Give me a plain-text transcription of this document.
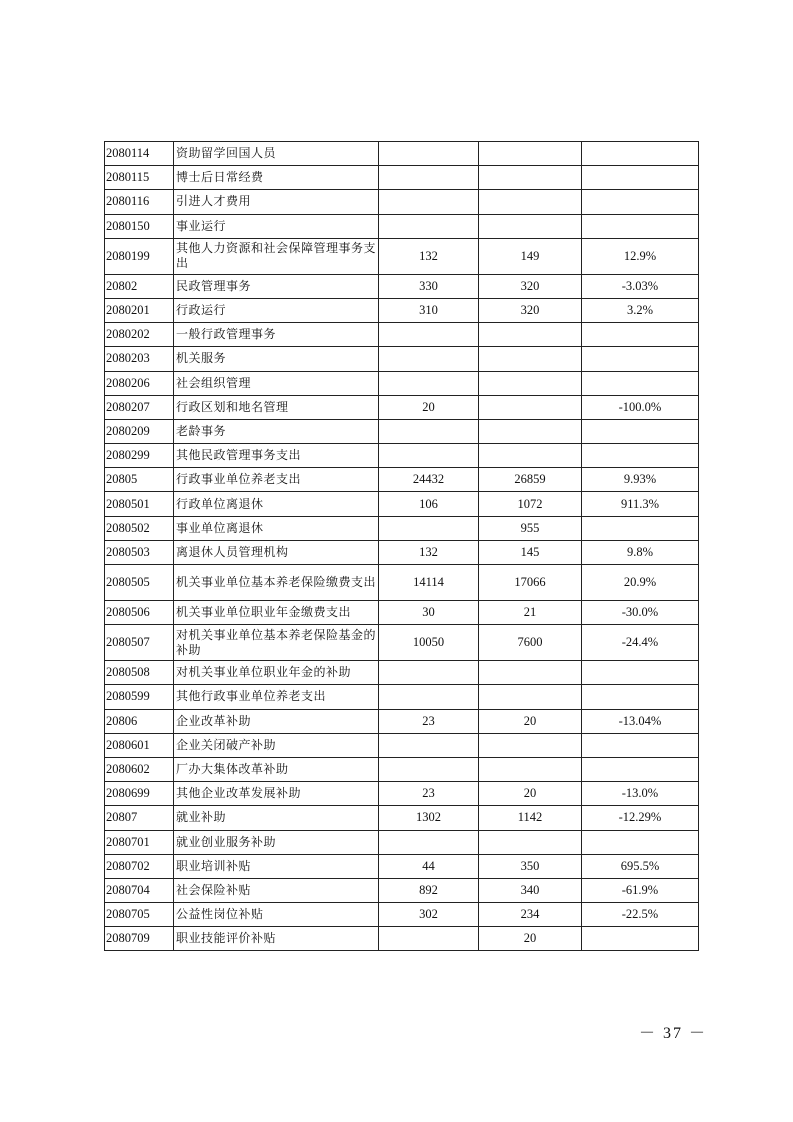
2080114	资助留学回国人员			
2080115	博士后日常经费			
2080116	引进人才费用			
2080150	事业运行			
2080199	其他人力资源和社会保障管理事务支出	132	149	12.9%
20802	民政管理事务	330	320	-3.03%
2080201	行政运行	310	320	3.2%
2080202	一般行政管理事务			
2080203	机关服务			
2080206	社会组织管理			
2080207	行政区划和地名管理	20		-100.0%
2080209	老龄事务			
2080299	其他民政管理事务支出			
20805	行政事业单位养老支出	24432	26859	9.93%
2080501	行政单位离退休	106	1072	911.3%
2080502	事业单位离退休		955	
2080503	离退休人员管理机构	132	145	9.8%
2080505	机关事业单位基本养老保险缴费支出	14114	17066	20.9%
2080506	机关事业单位职业年金缴费支出	30	21	-30.0%
2080507	对机关事业单位基本养老保险基金的补助	10050	7600	-24.4%
2080508	对机关事业单位职业年金的补助			
2080599	其他行政事业单位养老支出			
20806	企业改革补助	23	20	-13.04%
2080601	企业关闭破产补助			
2080602	厂办大集体改革补助			
2080699	其他企业改革发展补助	23	20	-13.0%
20807	就业补助	1302	1142	-12.29%
2080701	就业创业服务补助			
2080702	职业培训补贴	44	350	695.5%
2080704	社会保险补贴	892	340	-61.9%
2080705	公益性岗位补贴	302	234	-22.5%
2080709	职业技能评价补贴		20	
－ 37 －
